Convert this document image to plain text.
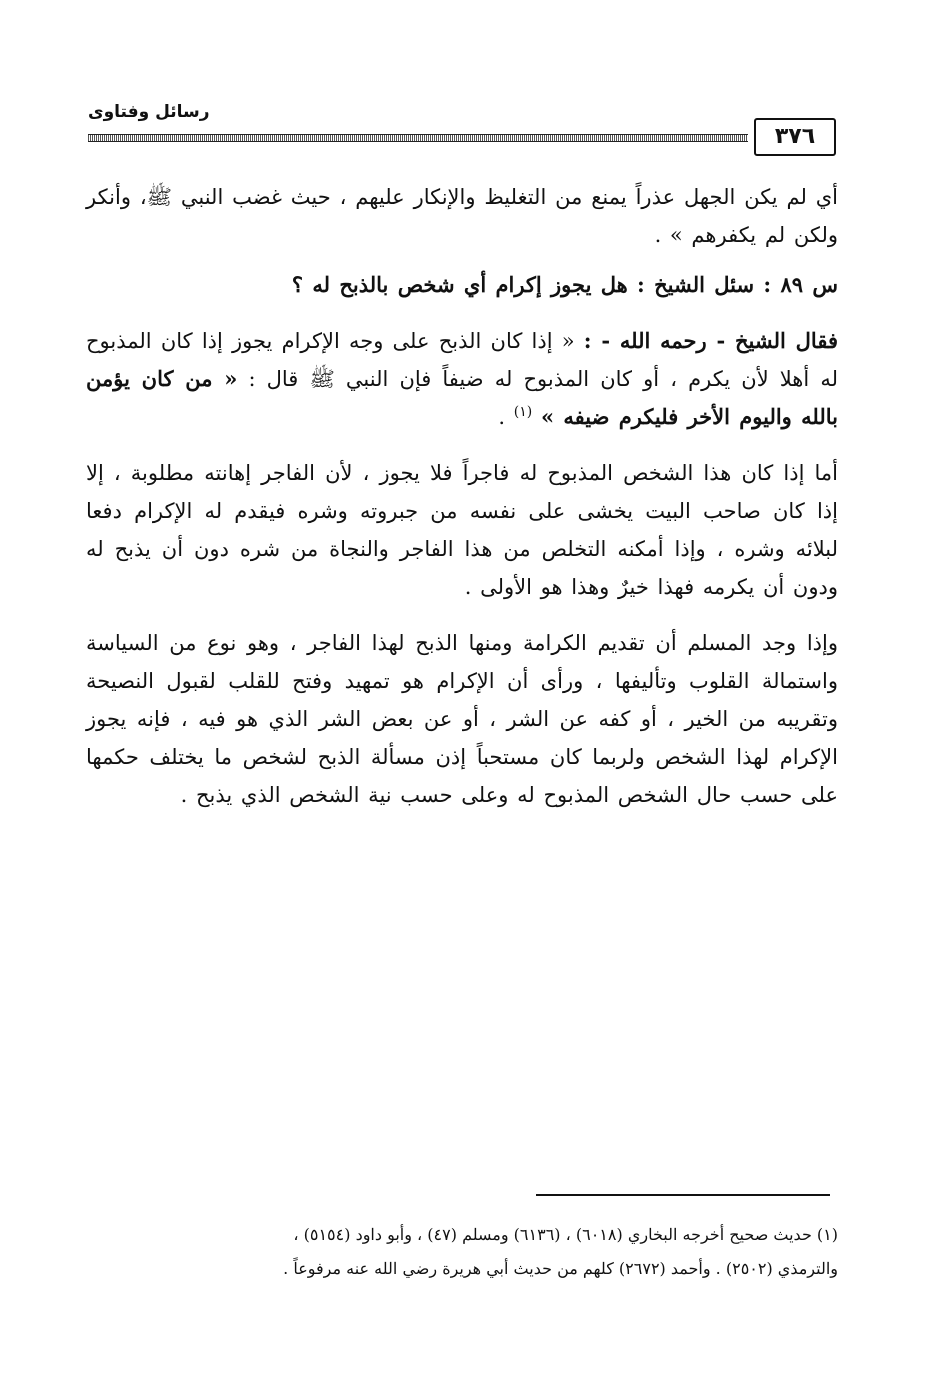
رسائل وفتاوى
٣٧٦

أي لم يكن الجهل عذراً يمنع من التغليظ والإنكار عليهم ، حيث غضب النبي ﷺ، وأنكر ولكن لم يكفرهم » .

س ٨٩ : سئل الشيخ : هل يجوز إكرام أي شخص بالذبح له ؟

فقال الشيخ - رحمه الله - : « إذا كان الذبح على وجه الإكرام يجوز إذا كان المذبوح له أهلا لأن يكرم ، أو كان المذبوح له ضيفاً فإن النبي ﷺ قال : « من كان يؤمن بالله واليوم الأخر فليكرم ضيفه » $^{(١)}$ .

أما إذا كان هذا الشخص المذبوح له فاجراً فلا يجوز ، لأن الفاجر إهانته مطلوبة ، إلا إذا كان صاحب البيت يخشى على نفسه من جبروته وشره فيقدم له الإكرام دفعا لبلائه وشره ، وإذا أمكنه التخلص من هذا الفاجر والنجاة من شره دون أن يذبح له ودون أن يكرمه فهذا خيرٌ وهذا هو الأولى .

وإذا وجد المسلم أن تقديم الكرامة ومنها الذبح لهذا الفاجر ، وهو نوع من السياسة واستمالة القلوب وتأليفها ، ورأى أن الإكرام هو تمهيد وفتح للقلب لقبول النصيحة وتقريبه من الخير ، أو كفه عن الشر ، أو عن بعض الشر الذي هو فيه ، فإنه يجوز الإكرام لهذا الشخص ولربما كان مستحباً إذن مسألة الذبح لشخص ما يختلف حكمها على حسب حال الشخص المذبوح له وعلى حسب نية الشخص الذي يذبح .

(١) حديث صحيح أخرجه البخاري (٦٠١٨) ، (٦١٣٦) ومسلم (٤٧) ، وأبو داود (٥١٥٤) ،
والترمذي (٢٥٠٢) . وأحمد (٢٦٧٢) كلهم من حديث أبي هريرة رضي الله عنه مرفوعاً .
